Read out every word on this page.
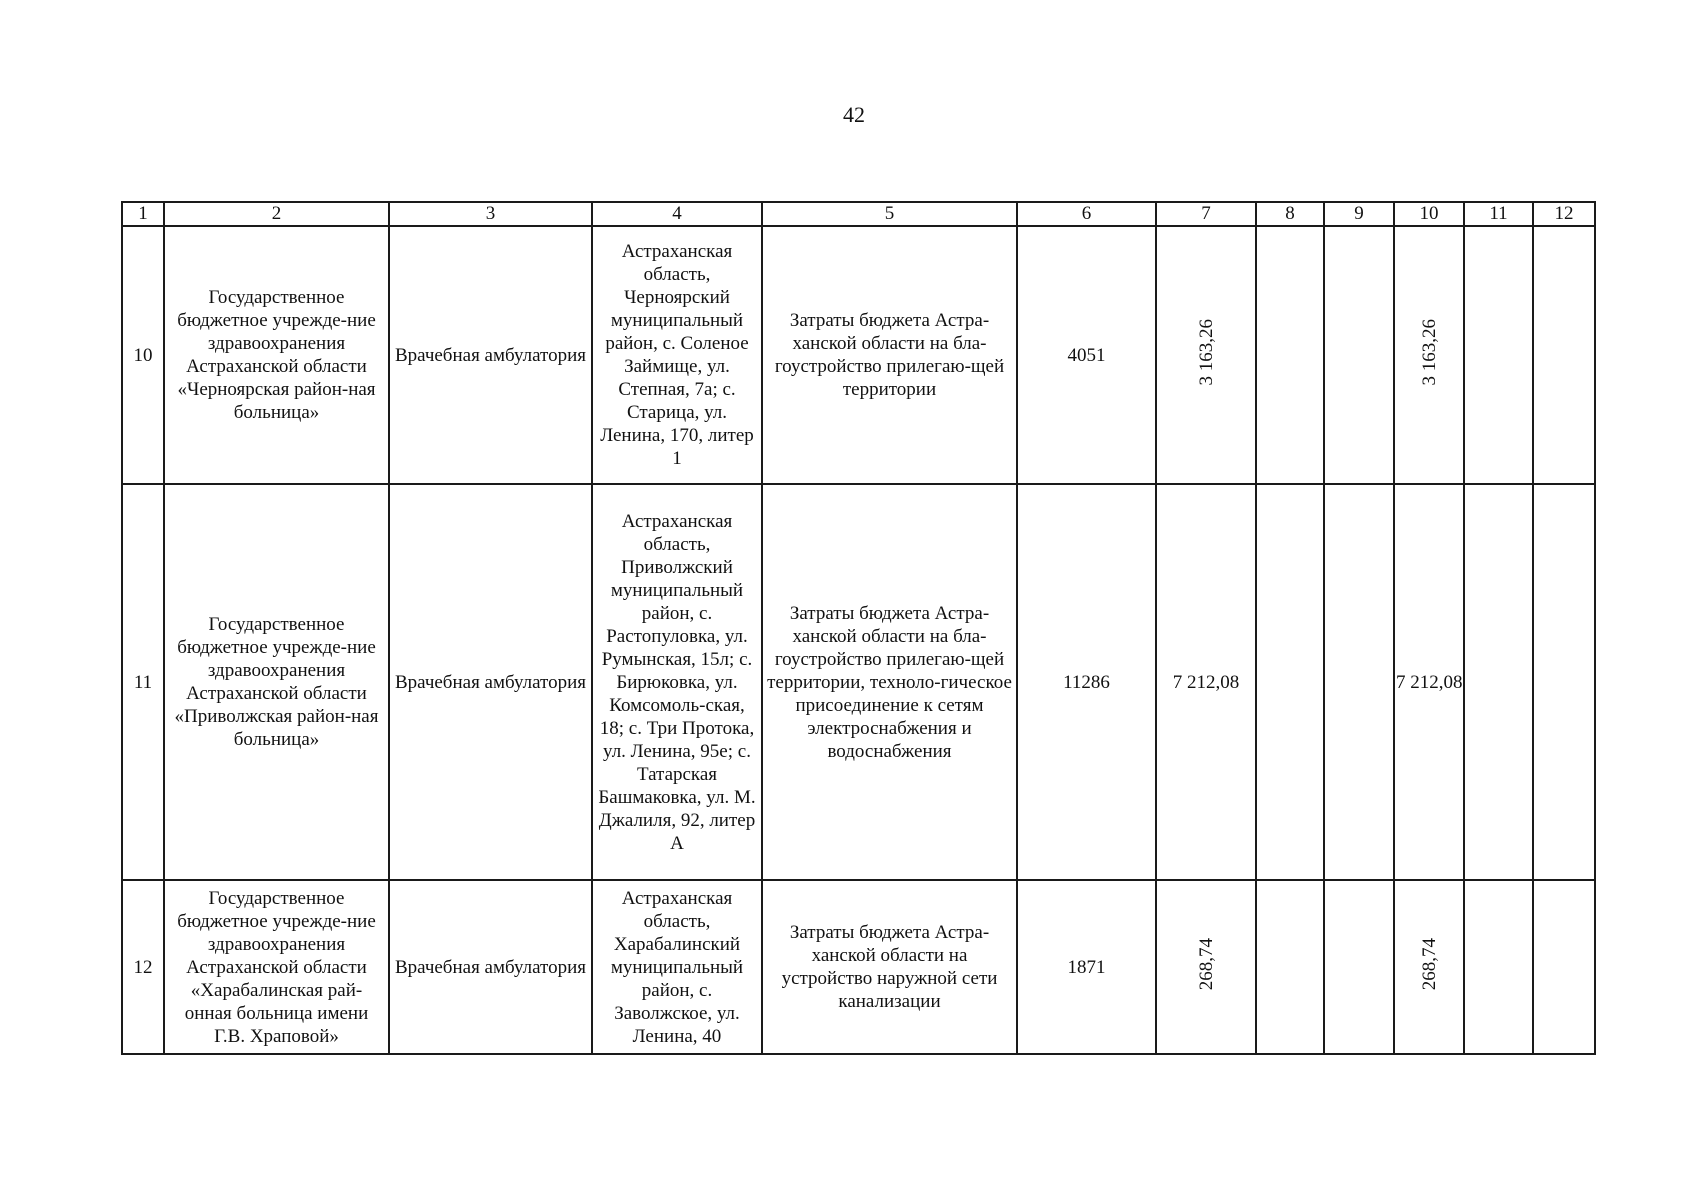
42
1	2	3	4	5	6	7	8	9	10	11	12
10	Государственное бюджетное учрежде-ние здравоохранения Астраханской области «Черноярская район-ная больница»	Врачебная амбулатория	Астраханская область, Черноярский муниципальный район, с. Соленое Займище, ул. Степная, 7а; с. Старица, ул. Ленина, 170, литер 1	Затраты бюджета Астра-ханской области на бла-гоустройство прилегаю-щей территории	4051	3 163,26			3 163,26		
11	Государственное бюджетное учрежде-ние здравоохранения Астраханской области «Приволжская район-ная больница»	Врачебная амбулатория	Астраханская область, Приволжский муниципальный район, с. Растопуловка, ул. Румынская, 15л; с. Бирюковка, ул. Комсомоль-ская, 18; с. Три Протока, ул. Ленина, 95е; с. Татарская Башмаковка, ул. М. Джалиля, 92, литер А	Затраты бюджета Астра-ханской области на бла-гоустройство прилегаю-щей территории, техноло-гическое присоединение к сетям электроснабжения и водоснабжения	11286	7 212,08			7 212,08		
12	Государственное бюджетное учрежде-ние здравоохранения Астраханской области «Харабалинская рай-онная больница имени Г.В. Храповой»	Врачебная амбулатория	Астраханская область, Харабалинский муниципальный район, с. Заволжское, ул. Ленина, 40	Затраты бюджета Астра-ханской области на устройство наружной сети канализации	1871	268,74			268,74		
